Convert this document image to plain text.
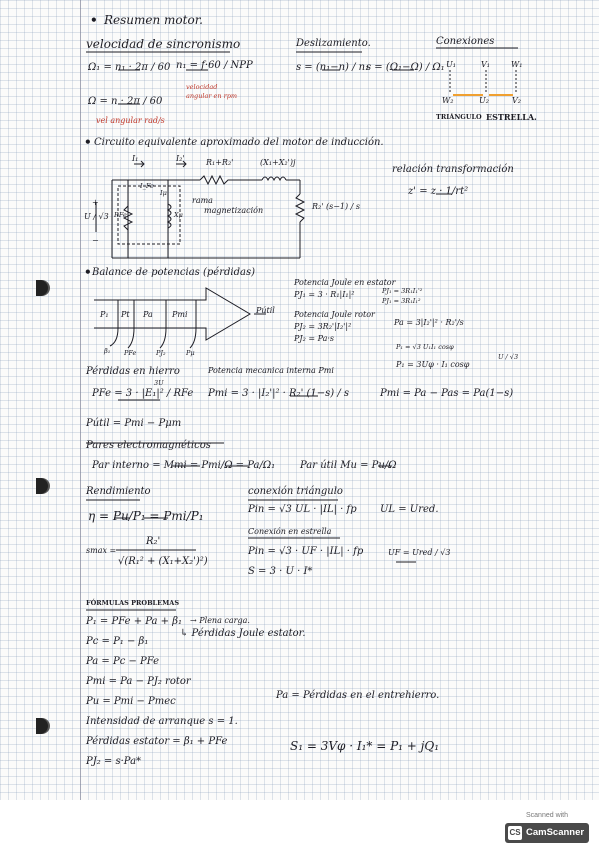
• Resumen motor.
velocidad de sincronismo
Ω₁ = n₁ · 2π / 60 n₁ = f·60 / NPP
velocidad
angular en rpm
Ω = n · 2π / 60
vel angular rad/s
Deslizamiento.
s = (n₁−n) / n₁
s = (Ω₁−Ω) / Ω₁
Conexiones
U₁	V₁	W₁
W₂	U₂	V₂
TRIÁNGULO ESTRELLA.
• Circuito equivalente aproximado del motor de inducción.
I₁	I₂'	R₁+R₂'	(X₁+X₂')j
I_Fe
Iμ
RFe	Xμ
rama
magnetización
+
U / √3
−
R₂' (s−1) / s
relación transformación
z' = z · 1/rt²
• Balance de potencias (pérdidas)
P₁ Pt Pa Pmi	Pútil
β₁ PFe	PJ₂	Pμ
Potencia Joule en estator
PJ₁ = 3 · R₁|I₁|²	PJ₁ = 3R₁I₁'²
PJ₁ = 3R₁I₁²
Potencia Joule rotor
PJ₂ = 3R₂'|I₂'|²
PJ₂ = Pa·s
Pa = 3|I₂'|² · R₂'/s
P₁ = √3 U₁I₁ cosφ
P₁ = 3Uφ · I₁ cosφ
U / √3
Pérdidas en hierro
3U
PFe = 3 · |E₁|² / RFe
Potencia mecanica interna Pmi
Pmi = 3 · |I₂'|² · R₂' (1−s) / s	Pmi = Pa − Pas = Pa(1−s)
Pútil = Pmi − Pμm
Pares electromagnéticos
Par interno = Mmi = Pmi/Ω = Pa/Ω₁ Par útil Mu = Pu/Ω
Rendimiento
η = Pu/P₁ = Pmi/P₁
conexión triángulo
Pin = √3 UL · |IL| · fp UL = Ured.
Conexión en estrella
Pin = √3 · UF · |IL| · fp	UF = Ured / √3
S = 3 · U · I*
smax =
R₂'
√(R₁² + (X₁+X₂')²)
FÓRMULAS PROBLEMAS
P₁ = PFe + Pa + β₁ → Plena carga.
↳ Pérdidas Joule estator.
Pc = P₁ − β₁
Pa = Pc − PFe
Pmi = Pa − PJ₂ rotor
Pu = Pmi − Pmec
Pa = Pérdidas en el entrehierro.
Intensidad de arranque s = 1.
Pérdidas estator = β₁ + PFe
PJ₂ = s·Pa*
S₁ = 3Vφ · I₁* = P₁ + jQ₁
Scanned with
CS CamScanner
